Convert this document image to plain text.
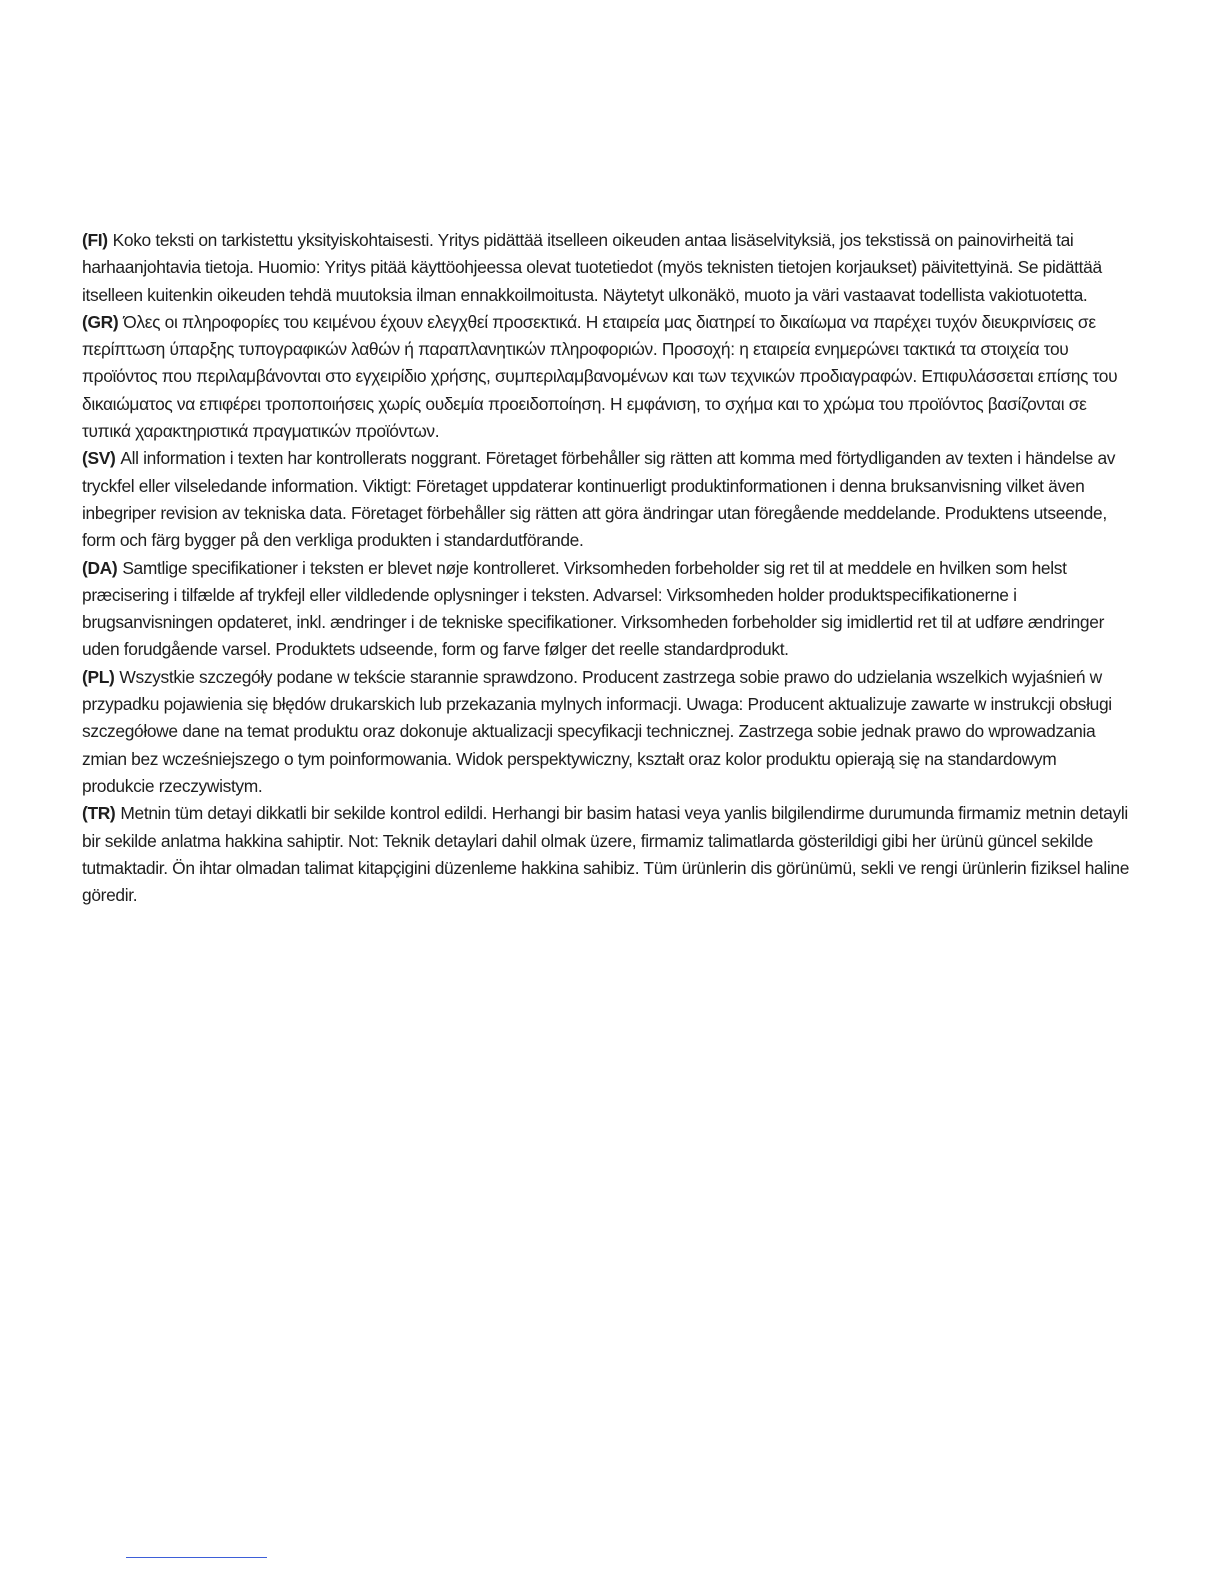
(FI) Koko teksti on tarkistettu yksityiskohtaisesti. Yritys pidättää itselleen oikeuden antaa lisäselvityksiä, jos tekstissä on painovirheitä tai harhaanjohtavia tietoja. Huomio: Yritys pitää käyttöohjeessa olevat tuotetiedot (myös teknisten tietojen korjaukset) päivitettyinä. Se pidättää itselleen kuitenkin oikeuden tehdä muutoksia ilman ennakkoilmoitusta. Näytetyt ulkonäkö, muoto ja väri vastaavat todellista vakiotuotetta.

(GR) Όλες οι πληροφορίες του κειμένου έχουν ελεγχθεί προσεκτικά. Η εταιρεία μας διατηρεί το δικαίωμα να παρέχει τυχόν διευκρινίσεις σε περίπτωση ύπαρξης τυπογραφικών λαθών ή παραπλανητικών πληροφοριών. Προσοχή: η εταιρεία ενημερώνει τακτικά τα στοιχεία του προϊόντος που περιλαμβάνονται στο εγχειρίδιο χρήσης, συμπεριλαμβανομένων και των τεχνικών προδιαγραφών. Επιφυλάσσεται επίσης του δικαιώματος να επιφέρει τροποποιήσεις χωρίς ουδεμία προειδοποίηση. Η εμφάνιση, το σχήμα και το χρώμα του προϊόντος βασίζονται σε τυπικά χαρακτηριστικά πραγματικών προϊόντων.

(SV) All information i texten har kontrollerats noggrant. Företaget förbehåller sig rätten att komma med förtydliganden av texten i händelse av tryckfel eller vilseledande information. Viktigt: Företaget uppdaterar kontinuerligt produktinformationen i denna bruksanvisning vilket även inbegriper revision av tekniska data. Företaget förbehåller sig rätten att göra ändringar utan föregående meddelande. Produktens utseende, form och färg bygger på den verkliga produkten i standardutförande.

(DA) Samtlige specifikationer i teksten er blevet nøje kontrolleret. Virksomheden forbeholder sig ret til at meddele en hvilken som helst præcisering i tilfælde af trykfejl eller vildledende oplysninger i teksten. Advarsel: Virksomheden holder produktspecifikationerne i brugsanvisningen opdateret, inkl. ændringer i de tekniske specifikationer. Virksomheden forbeholder sig imidlertid ret til at udføre ændringer uden forudgående varsel. Produktets udseende, form og farve følger det reelle standardprodukt.

(PL) Wszystkie szczegóły podane w tekście starannie sprawdzono. Producent zastrzega sobie prawo do udzielania wszelkich wyjaśnień w przypadku pojawienia się błędów drukarskich lub przekazania mylnych informacji. Uwaga: Producent aktualizuje zawarte w instrukcji obsługi szczegółowe dane na temat produktu oraz dokonuje aktualizacji specyfikacji technicznej. Zastrzega sobie jednak prawo do wprowadzania zmian bez wcześniejszego o tym poinformowania. Widok perspektywiczny, kształt oraz kolor produktu opierają się na standardowym produkcie rzeczywistym.

(TR) Metnin tüm detayi dikkatli bir sekilde kontrol edildi. Herhangi bir basim hatasi veya yanlis bilgilendirme durumunda firmamiz metnin detayli bir sekilde anlatma hakkina sahiptir. Not: Teknik detaylari dahil olmak üzere, firmamiz talimatlarda gösterildigi gibi her ürünü güncel sekilde tutmaktadir. Ön ihtar olmadan talimat kitapçigini düzenleme hakkina sahibiz. Tüm ürünlerin dis görünümü, sekli ve rengi ürünlerin fiziksel haline göredir.
